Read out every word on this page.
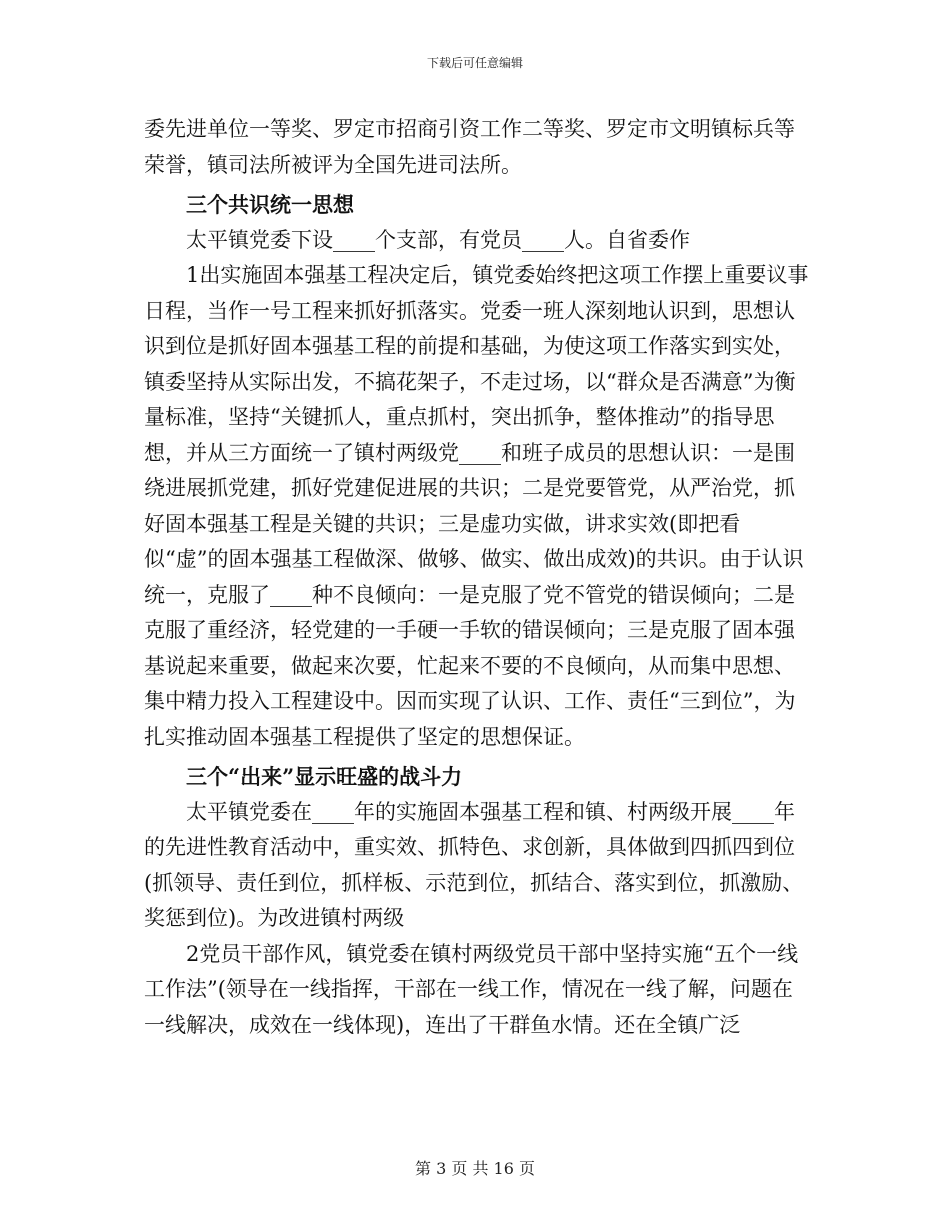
下载后可任意编辑

委先进单位一等奖、罗定市招商引资工作二等奖、罗定市文明镇标兵等荣誉，镇司法所被评为全国先进司法所。

三个共识统一思想

太平镇党委下设____个支部，有党员____人。自省委作

1出实施固本强基工程决定后，镇党委始终把这项工作摆上重要议事日程，当作一号工程来抓好抓落实。党委一班人深刻地认识到，思想认识到位是抓好固本强基工程的前提和基础，为使这项工作落实到实处，镇委坚持从实际出发，不搞花架子，不走过场，以“群众是否满意”为衡量标准，坚持“关键抓人，重点抓村，突出抓争，整体推动”的指导思想，并从三方面统一了镇村两级党____和班子成员的思想认识：一是围绕进展抓党建，抓好党建促进展的共识；二是党要管党，从严治党，抓好固本强基工程是关键的共识；三是虚功实做，讲求实效(即把看似“虚”的固本强基工程做深、做够、做实、做出成效)的共识。由于认识统一，克服了____种不良倾向：一是克服了党不管党的错误倾向；二是克服了重经济，轻党建的一手硬一手软的错误倾向；三是克服了固本强基说起来重要，做起来次要，忙起来不要的不良倾向，从而集中思想、集中精力投入工程建设中。因而实现了认识、工作、责任“三到位”，为扎实推动固本强基工程提供了坚定的思想保证。

三个“出来”显示旺盛的战斗力

太平镇党委在____年的实施固本强基工程和镇、村两级开展____年的先进性教育活动中，重实效、抓特色、求创新，具体做到四抓四到位(抓领导、责任到位，抓样板、示范到位，抓结合、落实到位，抓激励、奖惩到位)。为改进镇村两级

2党员干部作风，镇党委在镇村两级党员干部中坚持实施“五个一线工作法”(领导在一线指挥，干部在一线工作，情况在一线了解，问题在一线解决，成效在一线体现)，连出了干群鱼水情。还在全镇广泛

第 3 页 共 16 页
